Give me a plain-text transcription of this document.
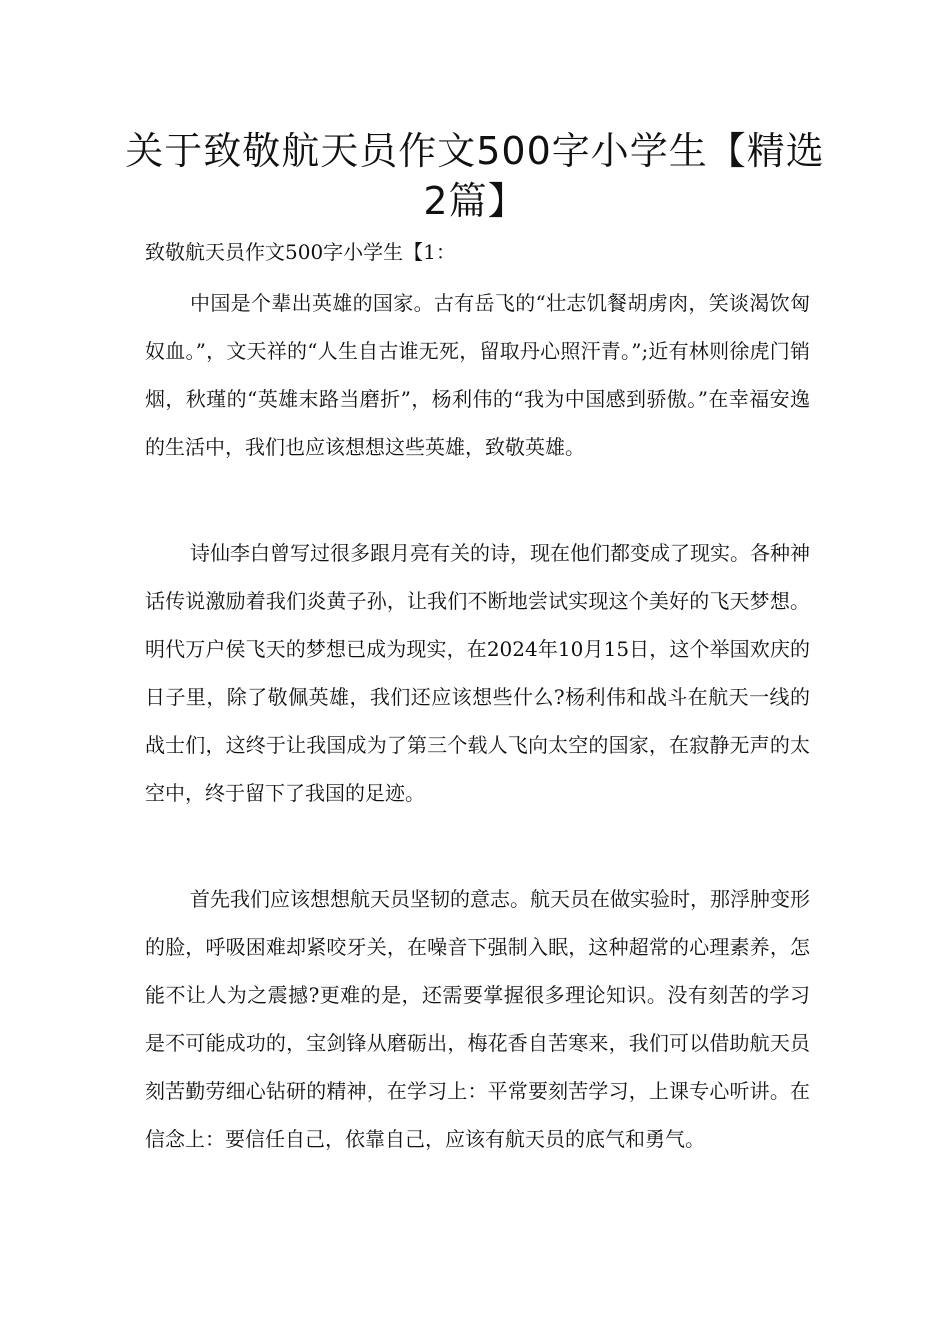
关于致敬航天员作文500字小学生【精选2篇】

致敬航天员作文500字小学生【1：

中国是个辈出英雄的国家。古有岳飞的“壮志饥餐胡虏肉，笑谈渴饮匈奴血。”，文天祥的“人生自古谁无死，留取丹心照汗青。”;近有林则徐虎门销烟，秋瑾的“英雄末路当磨折”，杨利伟的“我为中国感到骄傲。”在幸福安逸的生活中，我们也应该想想这些英雄，致敬英雄。

诗仙李白曾写过很多跟月亮有关的诗，现在他们都变成了现实。各种神话传说激励着我们炎黄子孙，让我们不断地尝试实现这个美好的飞天梦想。明代万户侯飞天的梦想已成为现实，在2024年10月15日，这个举国欢庆的日子里，除了敬佩英雄，我们还应该想些什么?杨利伟和战斗在航天一线的战士们，这终于让我国成为了第三个载人飞向太空的国家，在寂静无声的太空中，终于留下了我国的足迹。

首先我们应该想想航天员坚韧的意志。航天员在做实验时，那浮肿变形的脸，呼吸困难却紧咬牙关，在噪音下强制入眠，这种超常的心理素养，怎能不让人为之震撼?更难的是，还需要掌握很多理论知识。没有刻苦的学习是不可能成功的，宝剑锋从磨砺出，梅花香自苦寒来，我们可以借助航天员刻苦勤劳细心钻研的精神，在学习上：平常要刻苦学习，上课专心听讲。在信念上：要信任自己，依靠自己，应该有航天员的底气和勇气。
